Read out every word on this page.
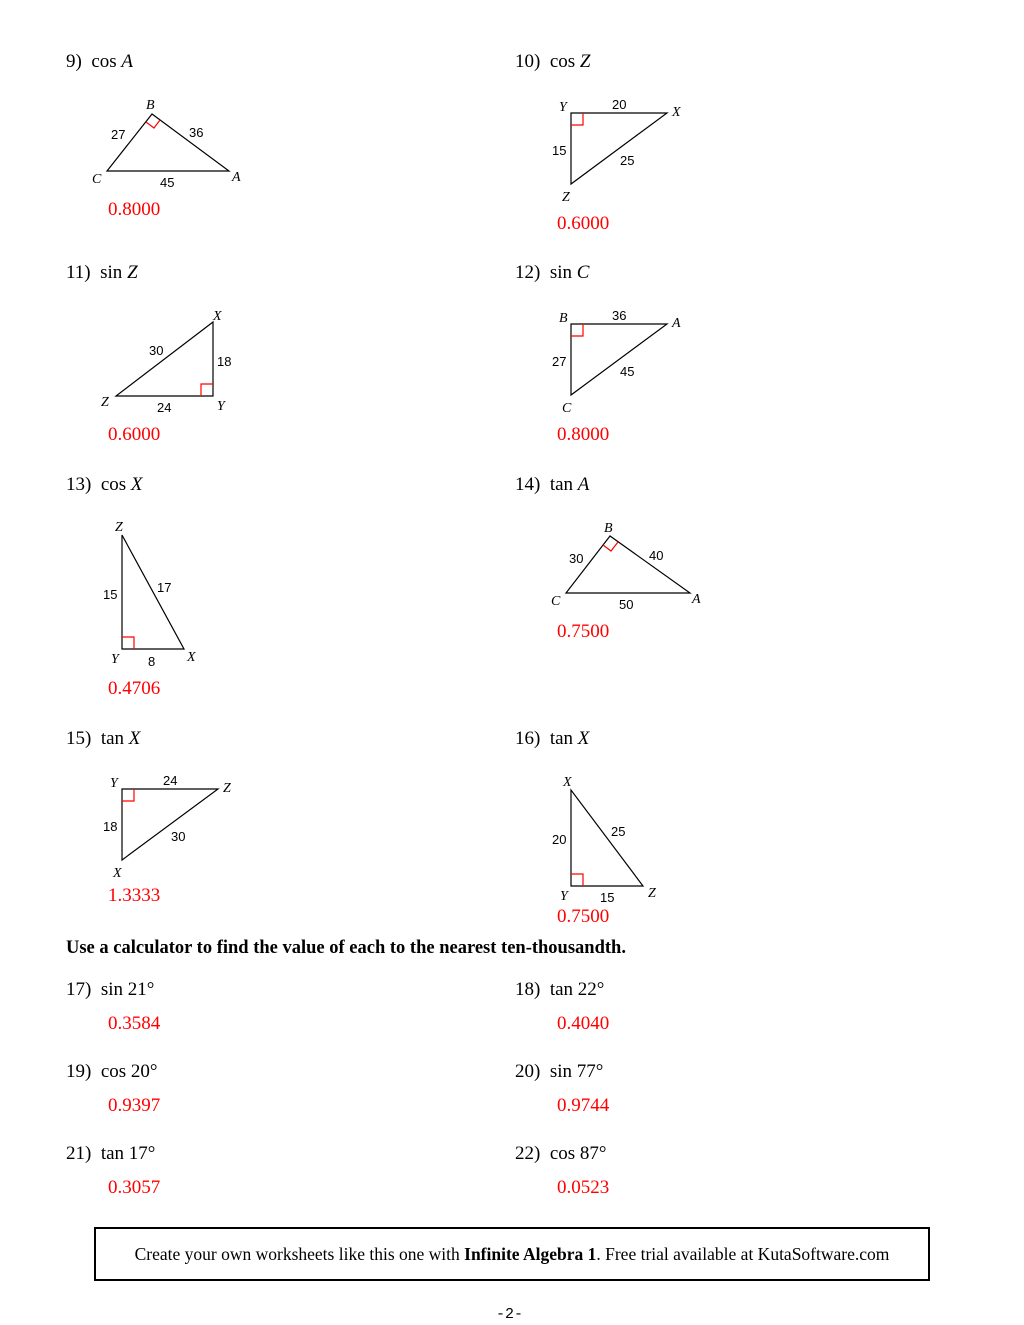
9) cos A
B
C	A
27	36
45
0.8000
10) cos Z
Y	X
Z
20
15
25
0.6000
11) sin Z
X
Z	Y
30
18
24
0.6000
12) sin C
B	A
C
36
27
45
0.8000
13) cos X
Z
Y	X
17
15
8
0.4706
14) tan A
B
C	A
30	40
50
0.7500
15) tan X
Y	Z
X
24
18
30
1.3333
16) tan X
X
Y	Z
25
20
15
0.7500
Use a calculator to find the value of each to the nearest ten-thousandth.
17) sin 21°
0.3584
18) tan 22°
0.4040
19) cos 20°
0.9397
20) sin 77°
0.9744
21) tan 17°
0.3057
22) cos 87°
0.0523
Create your own worksheets like this one with
Infinite Algebra 1 . Free trial available at KutaSoftware.com
-2-
